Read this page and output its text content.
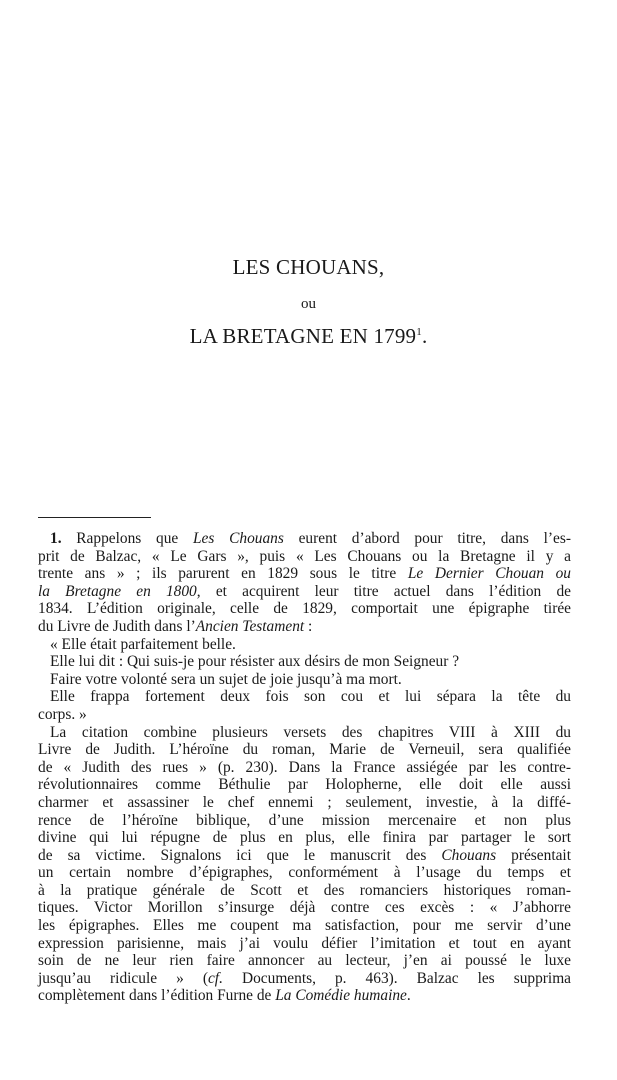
LES CHOUANS,
ou
LA BRETAGNE EN 1799$^1$.
1. Rappelons que Les Chouans eurent d’abord pour titre, dans l’es-
prit de Balzac, « Le Gars », puis « Les Chouans ou la Bretagne il y a
trente ans » ; ils parurent en 1829 sous le titre Le Dernier Chouan ou
la Bretagne en 1800, et acquirent leur titre actuel dans l’édition de
1834. L’édition originale, celle de 1829, comportait une épigraphe tirée
du Livre de Judith dans l’Ancien Testament :
« Elle était parfaitement belle.
Elle lui dit : Qui suis-je pour résister aux désirs de mon Seigneur ?
Faire votre volonté sera un sujet de joie jusqu’à ma mort.
Elle frappa fortement deux fois son cou et lui sépara la tête du
corps. »
La citation combine plusieurs versets des chapitres VIII à XIII du
Livre de Judith. L’héroïne du roman, Marie de Verneuil, sera qualifiée
de « Judith des rues » (p. 230). Dans la France assiégée par les contre-
révolutionnaires comme Béthulie par Holopherne, elle doit elle aussi
charmer et assassiner le chef ennemi ; seulement, investie, à la diffé-
rence de l’héroïne biblique, d’une mission mercenaire et non plus
divine qui lui répugne de plus en plus, elle finira par partager le sort
de sa victime. Signalons ici que le manuscrit des Chouans présentait
un certain nombre d’épigraphes, conformément à l’usage du temps et
à la pratique générale de Scott et des romanciers historiques roman-
tiques. Victor Morillon s’insurge déjà contre ces excès : « J’abhorre
les épigraphes. Elles me coupent ma satisfaction, pour me servir d’une
expression parisienne, mais j’ai voulu défier l’imitation et tout en ayant
soin de ne leur rien faire annoncer au lecteur, j’en ai poussé le luxe
jusqu’au ridicule » (cf. Documents, p. 463). Balzac les supprima
complètement dans l’édition Furne de La Comédie humaine.
